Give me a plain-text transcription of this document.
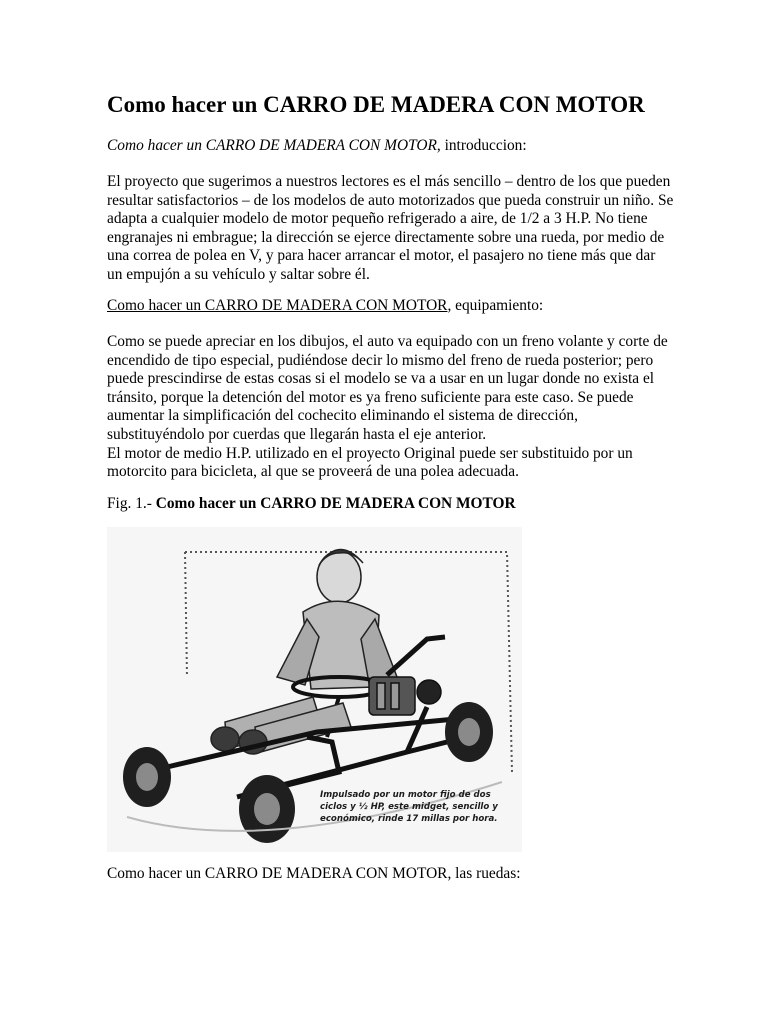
Como hacer un CARRO DE MADERA CON MOTOR

Como hacer un CARRO DE MADERA CON MOTOR, introduccion:

El proyecto que sugerimos a nuestros lectores es el más sencillo – dentro de los que pueden
resultar satisfactorios – de los modelos de auto motorizados que pueda construir un niño. Se
adapta a cualquier modelo de motor pequeño refrigerado a aire, de 1/2 a 3 H.P. No tiene
engranajes ni embrague; la dirección se ejerce directamente sobre una rueda, por medio de
una correa de polea en V, y para hacer arrancar el motor, el pasajero no tiene más que dar
un empujón a su vehículo y saltar sobre él.

Como hacer un CARRO DE MADERA CON MOTOR, equipamiento:

Como se puede apreciar en los dibujos, el auto va equipado con un freno volante y corte de
encendido de tipo especial, pudiéndose decir lo mismo del freno de rueda posterior; pero
puede prescindirse de estas cosas si el modelo se va a usar en un lugar donde no exista el
tránsito, porque la detención del motor es ya freno suficiente para este caso. Se puede
aumentar la simplificación del cochecito eliminando el sistema de dirección,
substituyéndolo por cuerdas que llegarán hasta el eje anterior.
El motor de medio H.P. utilizado en el proyecto Original puede ser substituido por un
motorcito para bicicleta, al que se proveerá de una polea adecuada.

Fig. 1.- Como hacer un CARRO DE MADERA CON MOTOR

Impulsado por un motor fijo de dos
ciclos y ½ HP, este midget, sencillo y
económico, rinde 17 millas por hora.

Como hacer un CARRO DE MADERA CON MOTOR, las ruedas:
